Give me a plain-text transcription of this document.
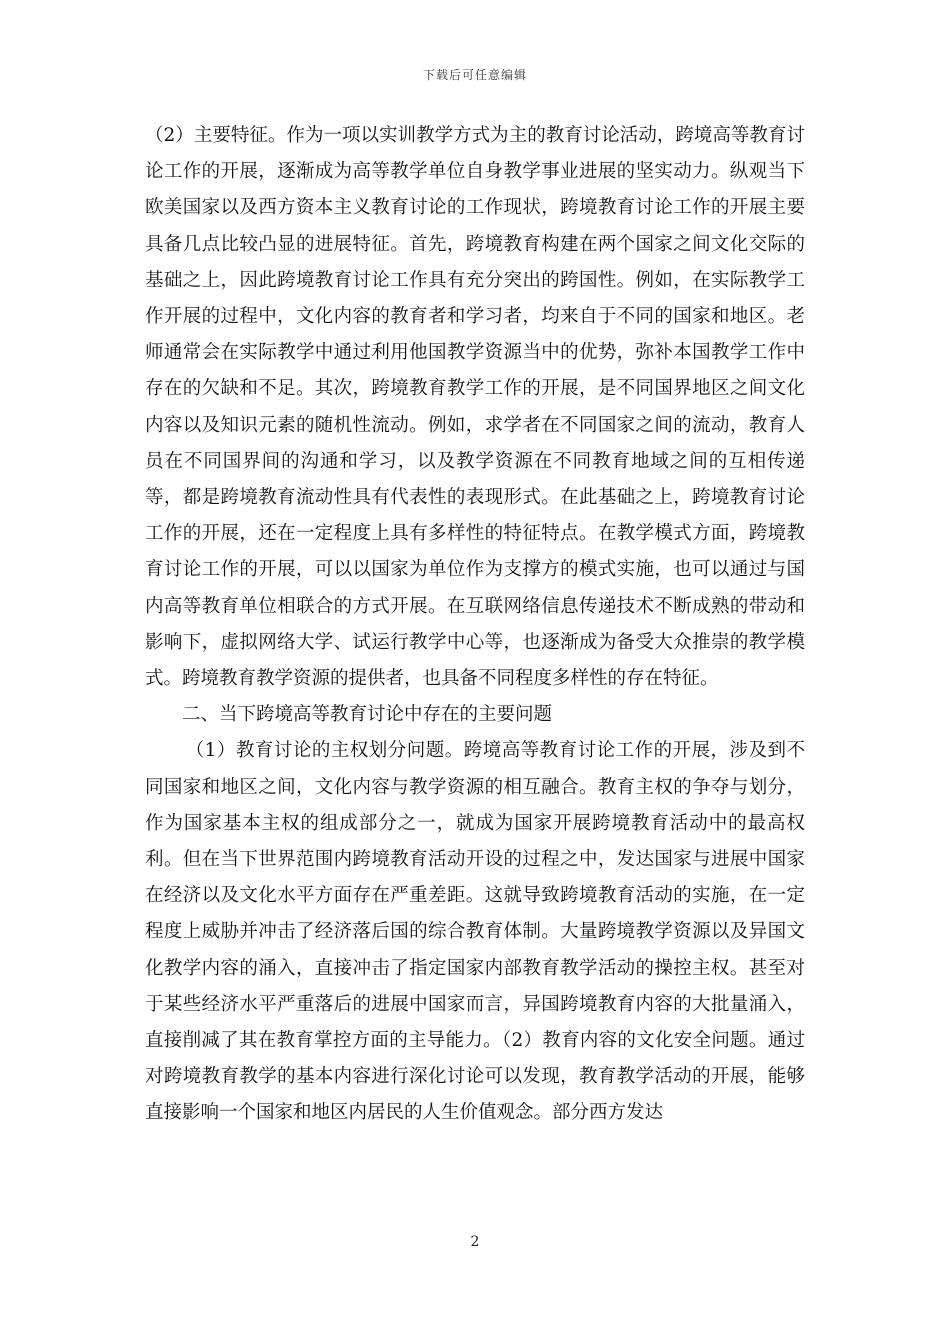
下载后可任意编辑

（2）主要特征。作为一项以实训教学方式为主的教育讨论活动，跨境高等教育讨论工作的开展，逐渐成为高等教学单位自身教学事业进展的坚实动力。纵观当下欧美国家以及西方资本主义教育讨论的工作现状，跨境教育讨论工作的开展主要具备几点比较凸显的进展特征。首先，跨境教育构建在两个国家之间文化交际的基础之上，因此跨境教育讨论工作具有充分突出的跨国性。例如，在实际教学工作开展的过程中，文化内容的教育者和学习者，均来自于不同的国家和地区。老师通常会在实际教学中通过利用他国教学资源当中的优势，弥补本国教学工作中存在的欠缺和不足。其次，跨境教育教学工作的开展，是不同国界地区之间文化内容以及知识元素的随机性流动。例如，求学者在不同国家之间的流动，教育人员在不同国界间的沟通和学习，以及教学资源在不同教育地域之间的互相传递等，都是跨境教育流动性具有代表性的表现形式。在此基础之上，跨境教育讨论工作的开展，还在一定程度上具有多样性的特征特点。在教学模式方面，跨境教育讨论工作的开展，可以以国家为单位作为支撑方的模式实施，也可以通过与国内高等教育单位相联合的方式开展。在互联网络信息传递技术不断成熟的带动和影响下，虚拟网络大学、试运行教学中心等，也逐渐成为备受大众推崇的教学模式。跨境教育教学资源的提供者，也具备不同程度多样性的存在特征。

二、当下跨境高等教育讨论中存在的主要问题

（1）教育讨论的主权划分问题。跨境高等教育讨论工作的开展，涉及到不同国家和地区之间，文化内容与教学资源的相互融合。教育主权的争夺与划分，作为国家基本主权的组成部分之一，就成为国家开展跨境教育活动中的最高权利。但在当下世界范围内跨境教育活动开设的过程之中，发达国家与进展中国家在经济以及文化水平方面存在严重差距。这就导致跨境教育活动的实施，在一定程度上威胁并冲击了经济落后国的综合教育体制。大量跨境教学资源以及异国文化教学内容的涌入，直接冲击了指定国家内部教育教学活动的操控主权。甚至对于某些经济水平严重落后的进展中国家而言，异国跨境教育内容的大批量涌入，直接削减了其在教育掌控方面的主导能力。（2）教育内容的文化安全问题。通过对跨境教育教学的基本内容进行深化讨论可以发现，教育教学活动的开展，能够直接影响一个国家和地区内居民的人生价值观念。部分西方发达

2
